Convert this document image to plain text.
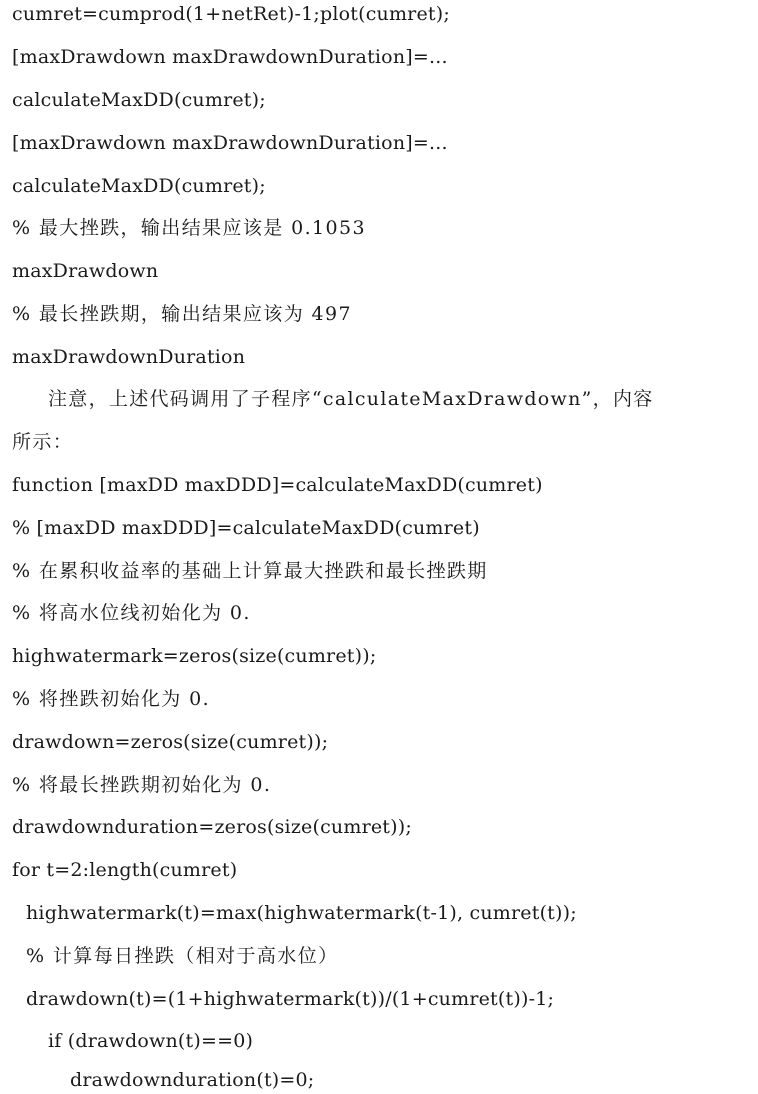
cumret=cumprod(1+netRet)-1;plot(cumret);
[maxDrawdown maxDrawdownDuration]=...
calculateMaxDD(cumret);
[maxDrawdown maxDrawdownDuration]=...
calculateMaxDD(cumret);
% 最大挫跌，输出结果应该是 0.1053
maxDrawdown
% 最长挫跌期，输出结果应该为 497
maxDrawdownDuration
注意，上述代码调用了子程序“calculateMaxDrawdown”，内容
所示：
function [maxDD maxDDD]=calculateMaxDD(cumret)
% [maxDD maxDDD]=calculateMaxDD(cumret)
% 在累积收益率的基础上计算最大挫跌和最长挫跌期
% 将高水位线初始化为 0.
highwatermark=zeros(size(cumret));
% 将挫跌初始化为 0.
drawdown=zeros(size(cumret));
% 将最长挫跌期初始化为 0.
drawdownduration=zeros(size(cumret));
for t=2:length(cumret)
highwatermark(t)=max(highwatermark(t-1), cumret(t));
% 计算每日挫跌（相对于高水位）
drawdown(t)=(1+highwatermark(t))/(1+cumret(t))-1;
if (drawdown(t)==0)
drawdownduration(t)=0;
